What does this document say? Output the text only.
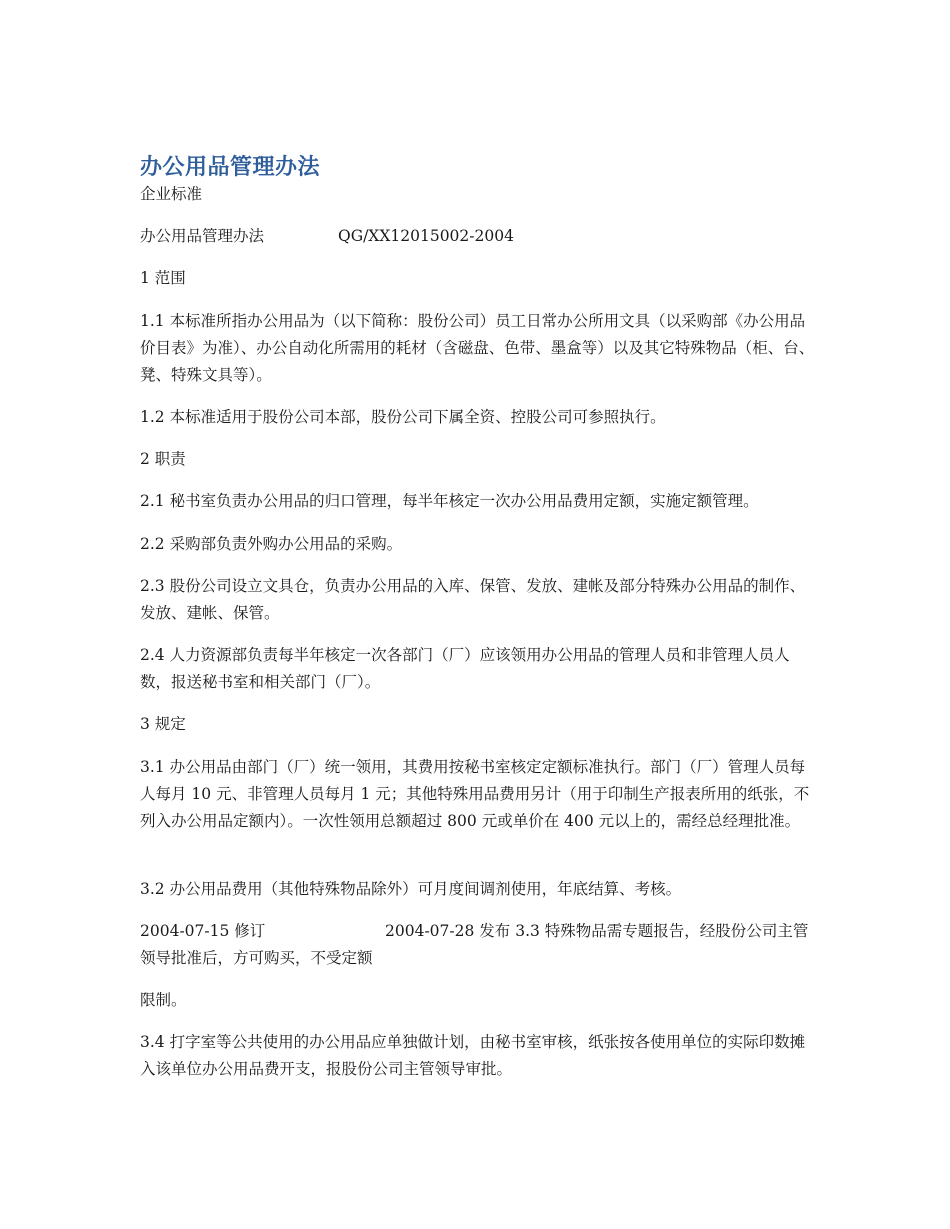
办公用品管理办法

企业标准

办公用品管理办法	QG/XX12015002-2004

1 范围

1.1 本标准所指办公用品为（以下简称：股份公司）员工日常办公所用文具（以采购部《办公用品价目表》为准）、办公自动化所需用的耗材（含磁盘、色带、墨盒等）以及其它特殊物品（柜、台、凳、特殊文具等）。

1.2 本标准适用于股份公司本部，股份公司下属全资、控股公司可参照执行。

2 职责

2.1 秘书室负责办公用品的归口管理，每半年核定一次办公用品费用定额，实施定额管理。

2.2 采购部负责外购办公用品的采购。

2.3 股份公司设立文具仓，负责办公用品的入库、保管、发放、建帐及部分特殊办公用品的制作、发放、建帐、保管。

2.4 人力资源部负责每半年核定一次各部门（厂）应该领用办公用品的管理人员和非管理人员人数，报送秘书室和相关部门（厂）。

3 规定

3.1 办公用品由部门（厂）统一领用，其费用按秘书室核定定额标准执行。部门（厂）管理人员每人每月 10 元、非管理人员每月 1 元；其他特殊用品费用另计（用于印制生产报表所用的纸张，不列入办公用品定额内）。一次性领用总额超过 800 元或单价在 400 元以上的，需经总经理批准。

3.2 办公用品费用（其他特殊物品除外）可月度间调剂使用，年底结算、考核。

2004-07-15 修订	2004-07-28 发布 3.3 特殊物品需专题报告，经股份公司主管领导批准后，方可购买，不受定额

限制。

3.4 打字室等公共使用的办公用品应单独做计划，由秘书室审核，纸张按各使用单位的实际印数摊入该单位办公用品费开支，报股份公司主管领导审批。
